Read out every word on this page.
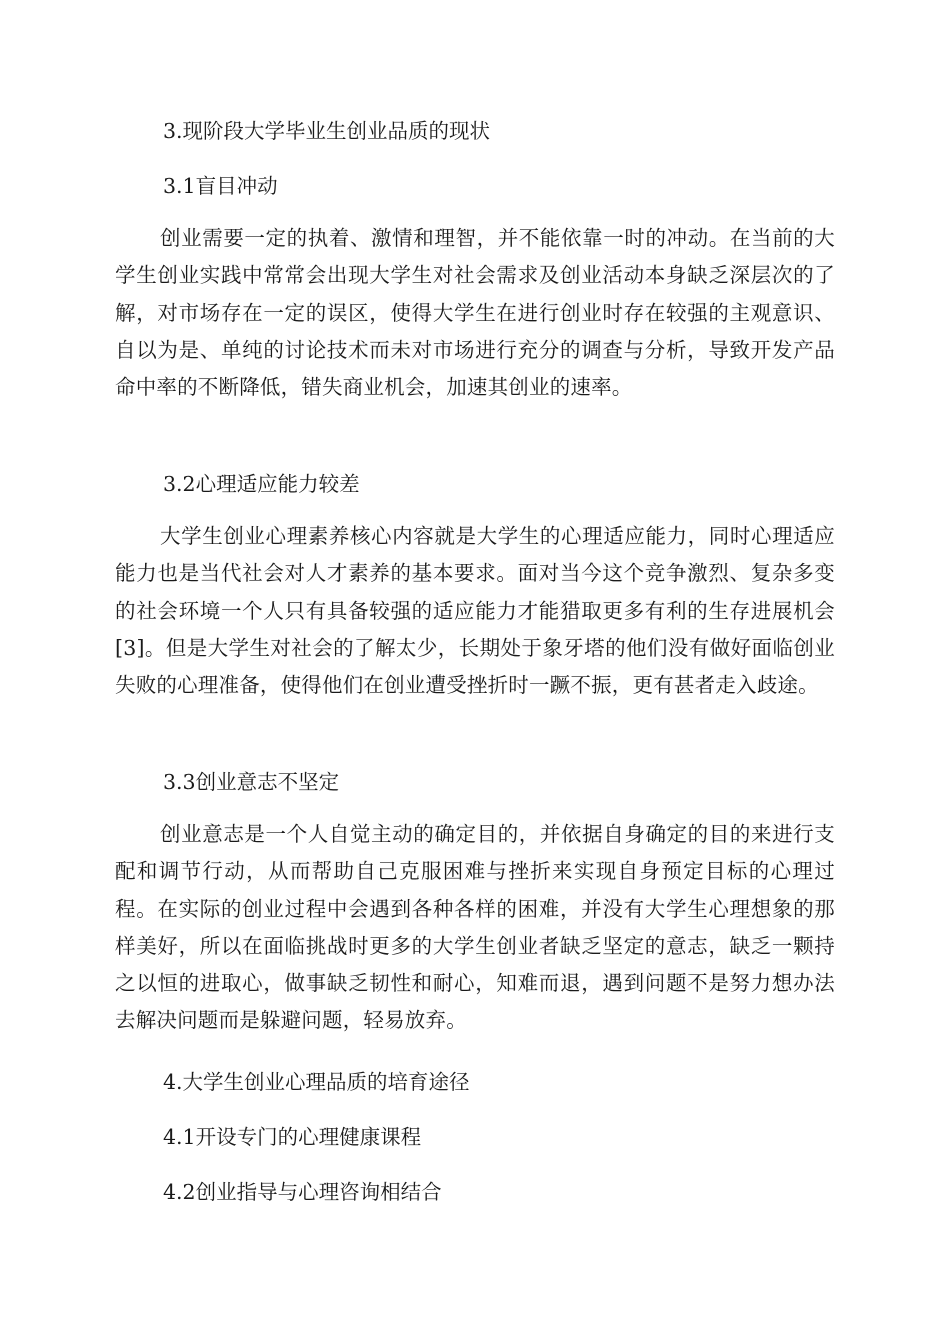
3.现阶段大学毕业生创业品质的现状
3.1盲目冲动
创业需要一定的执着、激情和理智，并不能依靠一时的冲动。在当前的大学生创业实践中常常会出现大学生对社会需求及创业活动本身缺乏深层次的了解，对市场存在一定的误区，使得大学生在进行创业时存在较强的主观意识、自以为是、单纯的讨论技术而未对市场进行充分的调查与分析，导致开发产品命中率的不断降低，错失商业机会，加速其创业的速率。
3.2心理适应能力较差
大学生创业心理素养核心内容就是大学生的心理适应能力，同时心理适应能力也是当代社会对人才素养的基本要求。面对当今这个竞争激烈、复杂多变的社会环境一个人只有具备较强的适应能力才能猎取更多有利的生存进展机会[3]。但是大学生对社会的了解太少，长期处于象牙塔的他们没有做好面临创业失败的心理准备，使得他们在创业遭受挫折时一蹶不振，更有甚者走入歧途。
3.3创业意志不坚定
创业意志是一个人自觉主动的确定目的，并依据自身确定的目的来进行支配和调节行动，从而帮助自己克服困难与挫折来实现自身预定目标的心理过程。在实际的创业过程中会遇到各种各样的困难，并没有大学生心理想象的那样美好，所以在面临挑战时更多的大学生创业者缺乏坚定的意志，缺乏一颗持之以恒的进取心，做事缺乏韧性和耐心，知难而退，遇到问题不是努力想办法去解决问题而是躲避问题，轻易放弃。
4.大学生创业心理品质的培育途径
4.1开设专门的心理健康课程
4.2创业指导与心理咨询相结合
